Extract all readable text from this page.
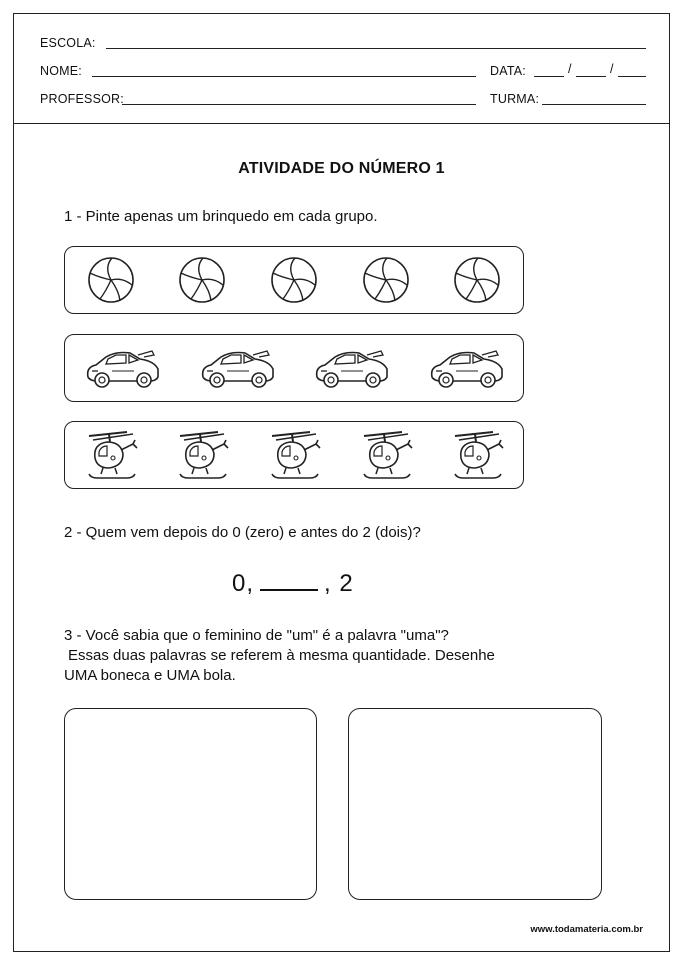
ESCOLA:
NOME:	DATA:	/	/
PROFESSOR:	TURMA:
ATIVIDADE DO NÚMERO 1
1 - Pinte apenas um brinquedo em cada grupo.
2 - Quem vem depois do 0 (zero) e antes do 2 (dois)?
0,	, 2
3 - Você sabia que o feminino de "um" é a palavra "uma"?
Essas duas palavras se referem à mesma quantidade. Desenhe
UMA boneca e UMA bola.
www.todamateria.com.br
